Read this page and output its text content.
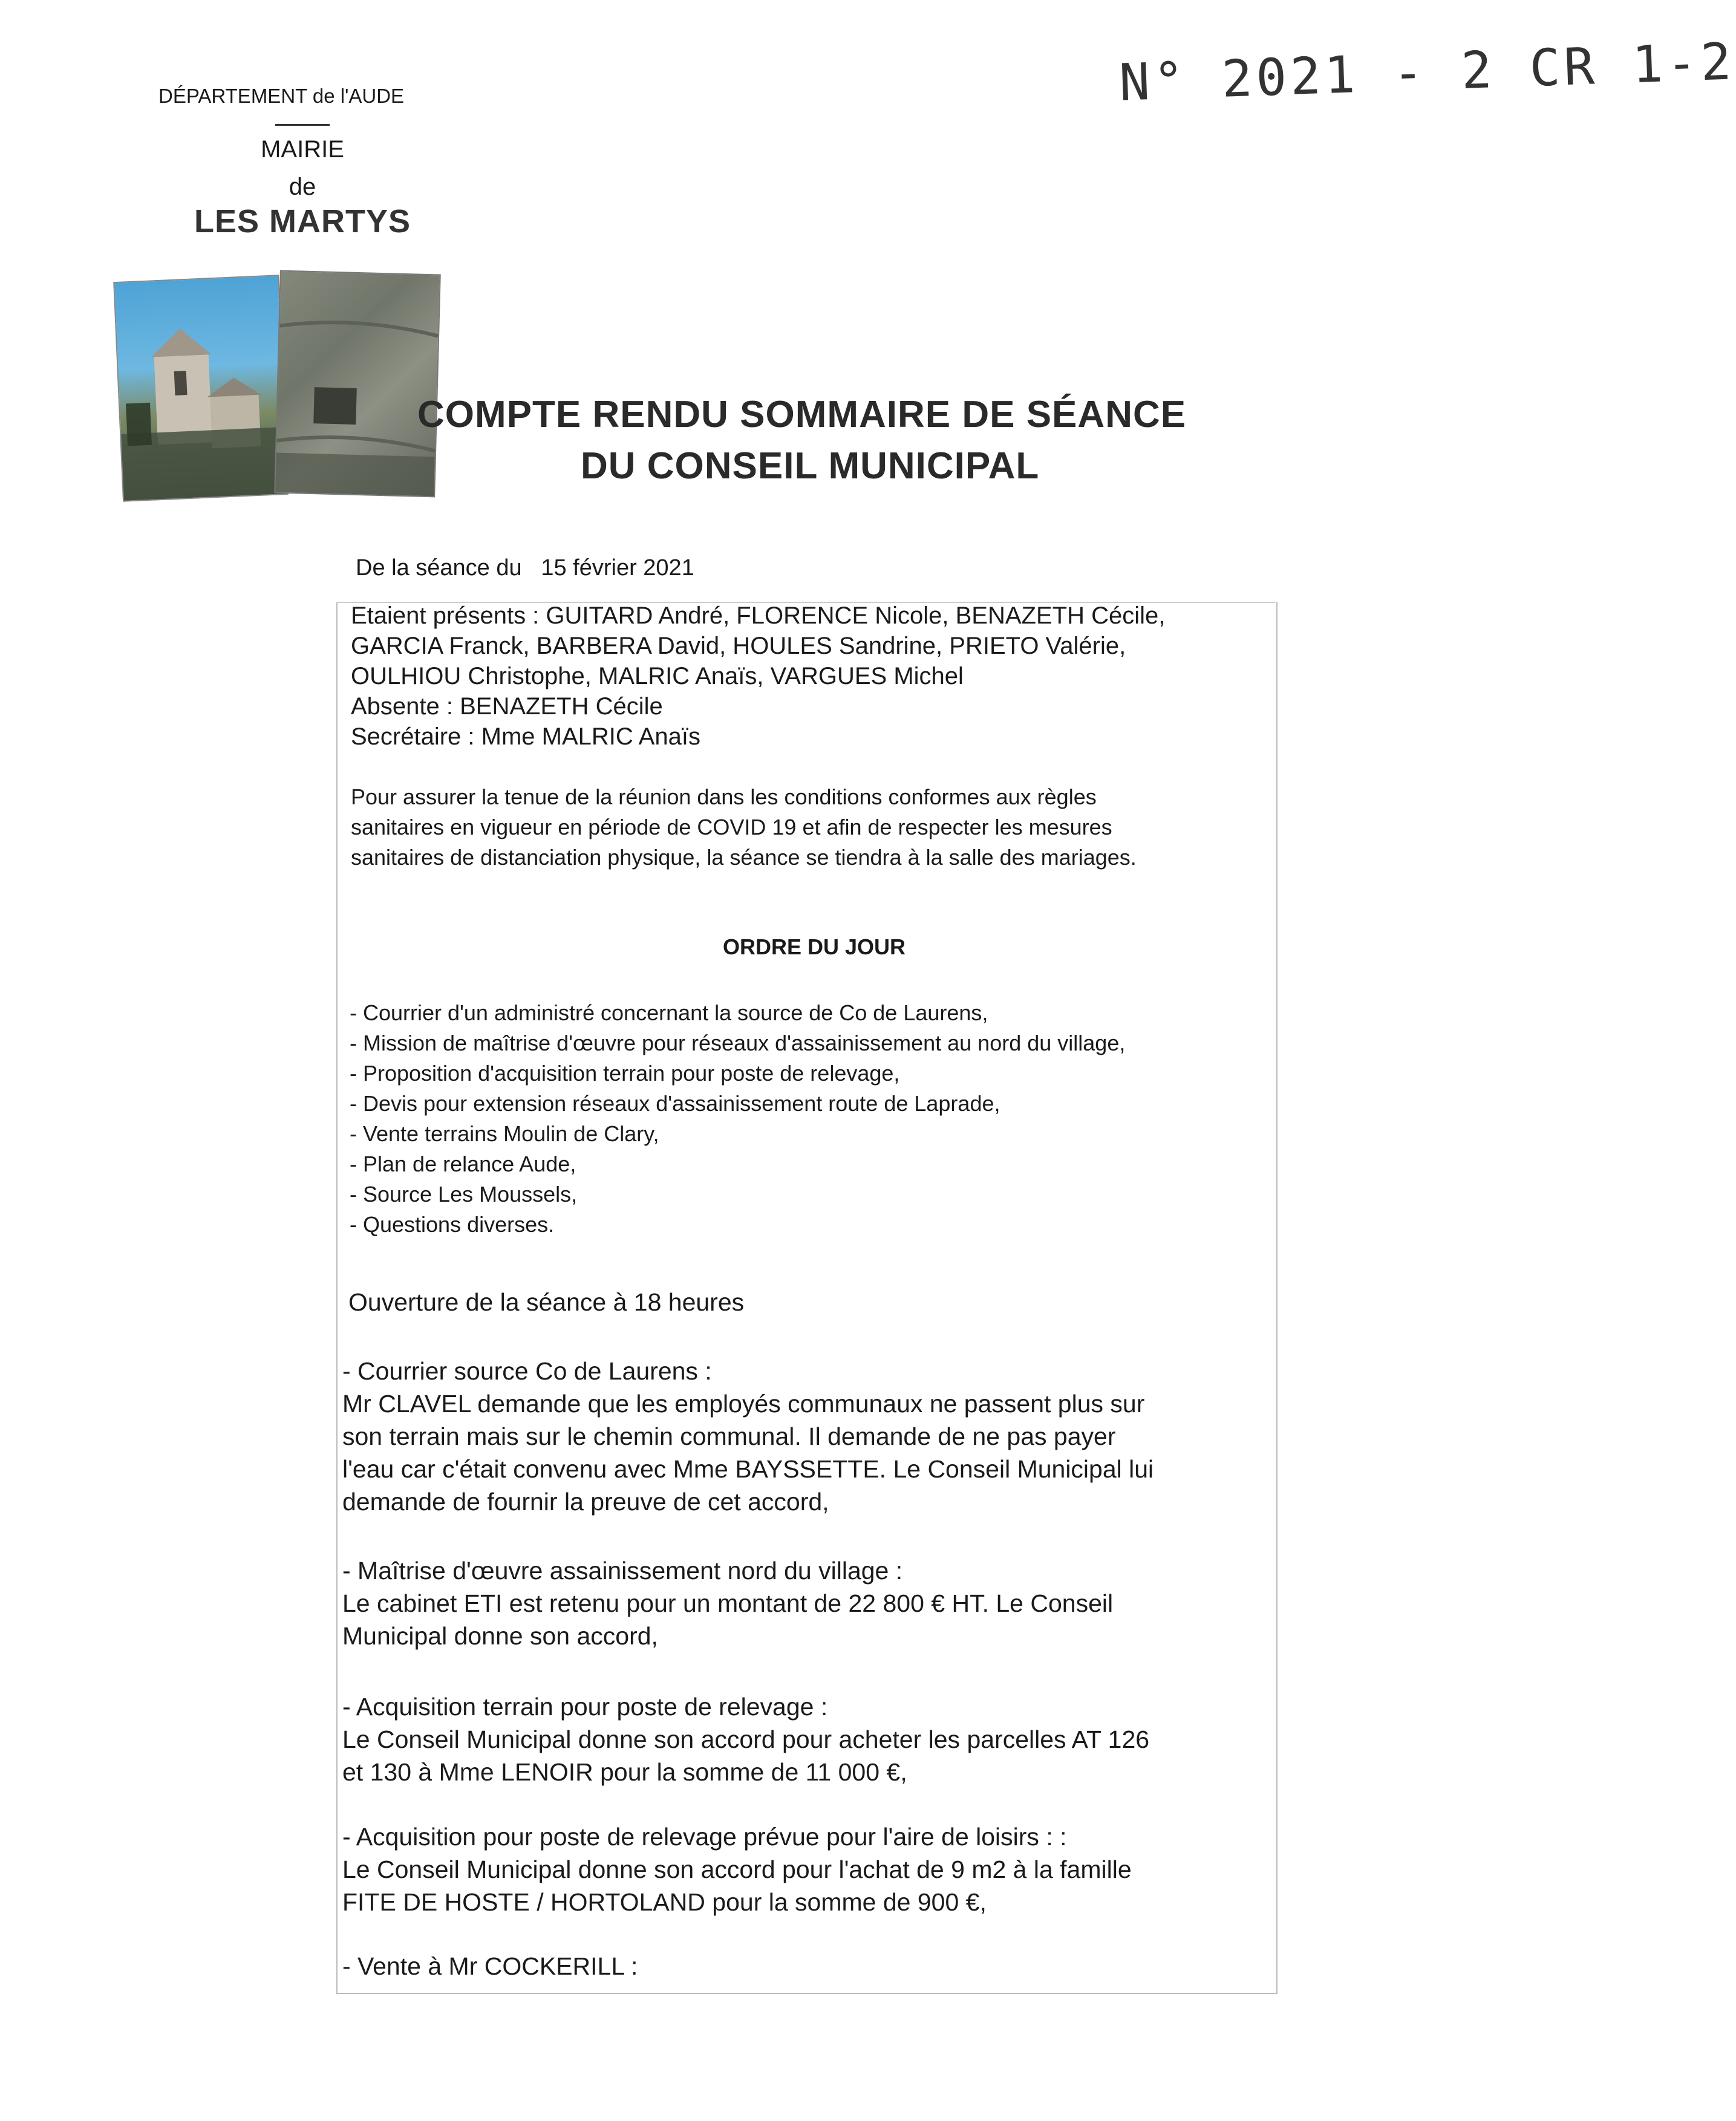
N° 2021 - 2 CR 1-2
DÉPARTEMENT de l'AUDE
MAIRIE
de
LES MARTYS
COMPTE RENDU SOMMAIRE DE SÉANCE
DU CONSEIL MUNICIPAL
De la séance du 15 février 2021
Etaient présents : GUITARD André, FLORENCE Nicole, BENAZETH Cécile,
GARCIA Franck, BARBERA David, HOULES Sandrine, PRIETO Valérie,
OULHIOU Christophe, MALRIC Anaïs, VARGUES Michel
Absente : BENAZETH Cécile
Secrétaire : Mme MALRIC Anaïs
Pour assurer la tenue de la réunion dans les conditions conformes aux règles
sanitaires en vigueur en période de COVID 19 et afin de respecter les mesures
sanitaires de distanciation physique, la séance se tiendra à la salle des mariages.
ORDRE DU JOUR
- Courrier d'un administré concernant la source de Co de Laurens,
- Mission de maîtrise d'œuvre pour réseaux d'assainissement au nord du village,
- Proposition d'acquisition terrain pour poste de relevage,
- Devis pour extension réseaux d'assainissement route de Laprade,
- Vente terrains Moulin de Clary,
- Plan de relance Aude,
- Source Les Moussels,
- Questions diverses.
Ouverture de la séance à 18 heures
- Courrier source Co de Laurens :
Mr CLAVEL demande que les employés communaux ne passent plus sur
son terrain mais sur le chemin communal. Il demande de ne pas payer
l'eau car c'était convenu avec Mme BAYSSETTE. Le Conseil Municipal lui
demande de fournir la preuve de cet accord,
- Maîtrise d'œuvre assainissement nord du village :
Le cabinet ETI est retenu pour un montant de 22 800 € HT. Le Conseil
Municipal donne son accord,
- Acquisition terrain pour poste de relevage :
Le Conseil Municipal donne son accord pour acheter les parcelles AT 126
et 130 à Mme LENOIR pour la somme de 11 000 €,
- Acquisition pour poste de relevage prévue pour l'aire de loisirs : :
Le Conseil Municipal donne son accord pour l'achat de 9 m2 à la famille
FITE DE HOSTE / HORTOLAND pour la somme de 900 €,
- Vente à Mr COCKERILL :
